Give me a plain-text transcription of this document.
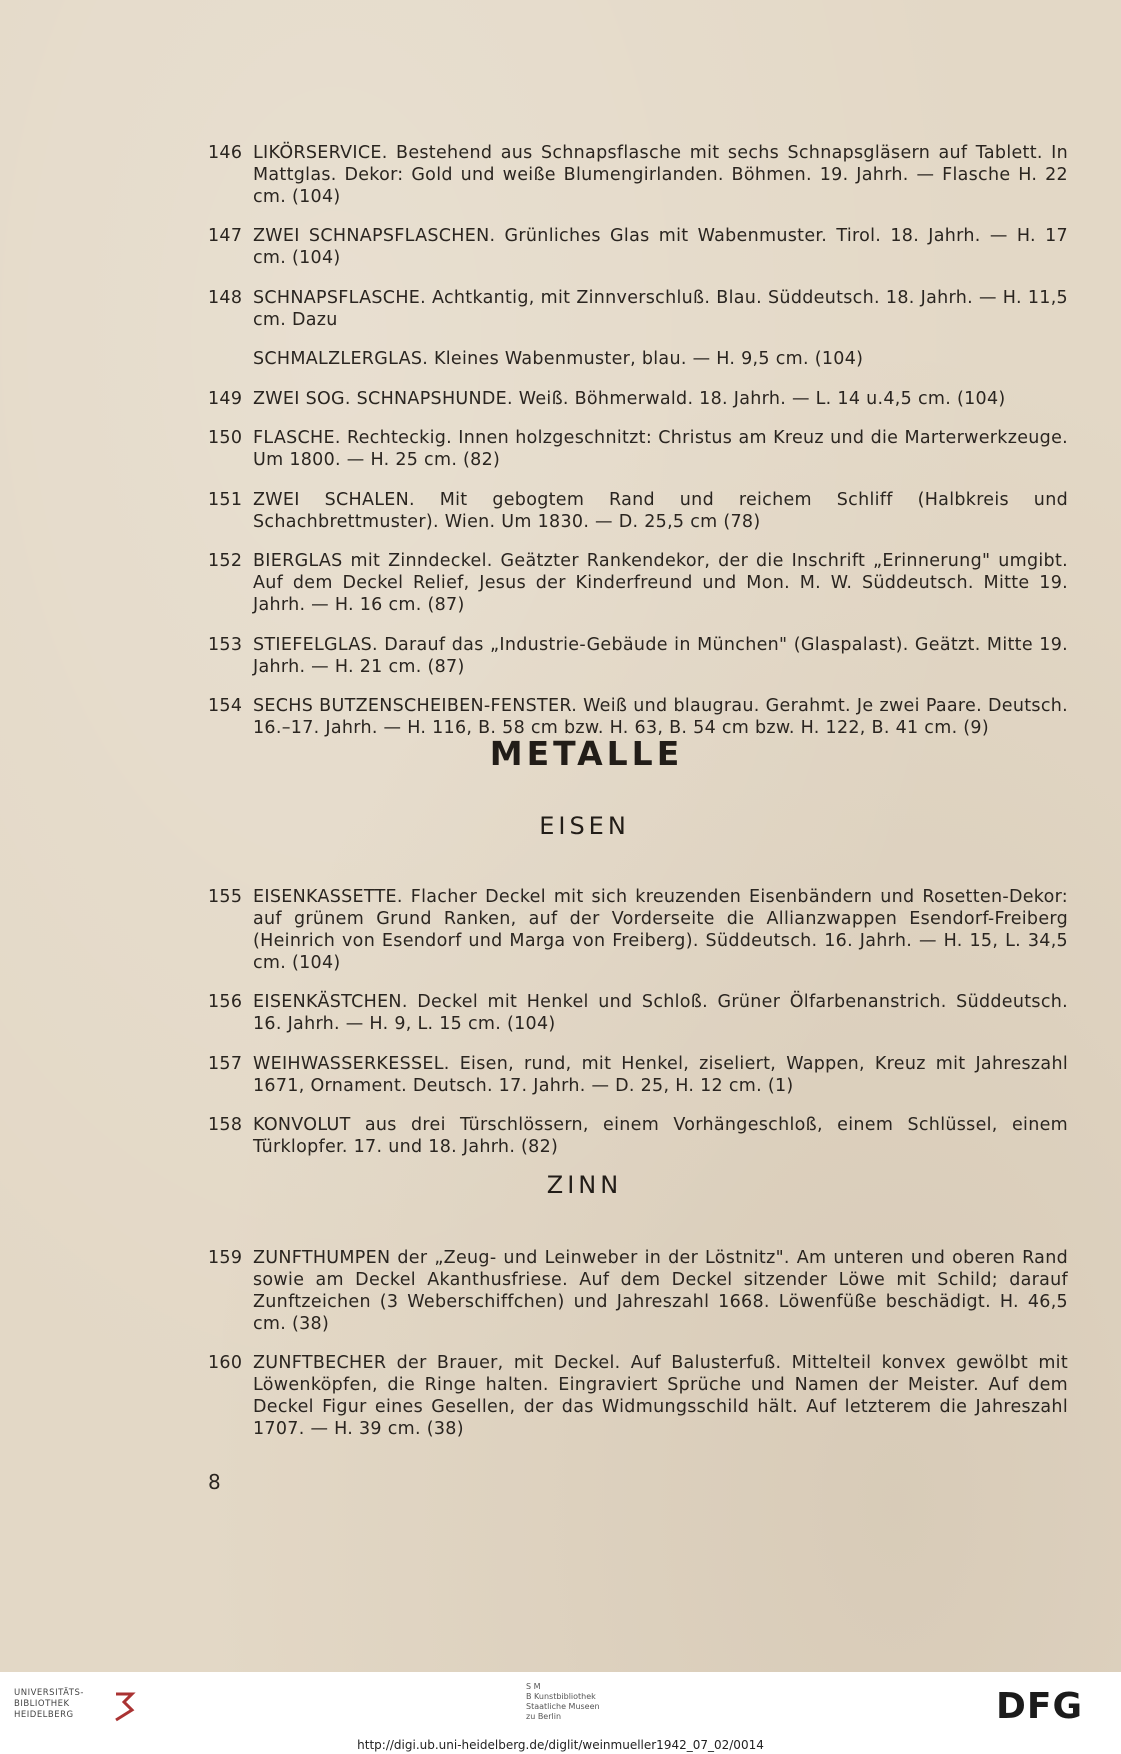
146 LIKÖRSERVICE. Bestehend aus Schnapsflasche mit sechs Schnapsgläsern auf Tablett. In Mattglas. Dekor: Gold und weiße Blumengirlanden. Böhmen. 19. Jahrh. — Flasche H. 22 cm. (104)

147 ZWEI SCHNAPSFLASCHEN. Grünliches Glas mit Wabenmuster. Tirol. 18. Jahrh. — H. 17 cm. (104)

148 SCHNAPSFLASCHE. Achtkantig, mit Zinnverschluß. Blau. Süddeutsch. 18. Jahrh. — H. 11,5 cm. Dazu

SCHMALZLERGLAS. Kleines Wabenmuster, blau. — H. 9,5 cm. (104)

149 ZWEI SOG. SCHNAPSHUNDE. Weiß. Böhmerwald. 18. Jahrh. — L. 14 u.4,5 cm. (104)

150 FLASCHE. Rechteckig. Innen holzgeschnitzt: Christus am Kreuz und die Marterwerkzeuge. Um 1800. — H. 25 cm. (82)

151 ZWEI SCHALEN. Mit gebogtem Rand und reichem Schliff (Halbkreis und Schachbrettmuster). Wien. Um 1830. — D. 25,5 cm (78)

152 BIERGLAS mit Zinndeckel. Geätzter Rankendekor, der die Inschrift „Erinnerung" umgibt. Auf dem Deckel Relief, Jesus der Kinderfreund und Mon. M. W. Süddeutsch. Mitte 19. Jahrh. — H. 16 cm. (87)

153 STIEFELGLAS. Darauf das „Industrie-Gebäude in München" (Glaspalast). Geätzt. Mitte 19. Jahrh. — H. 21 cm. (87)

154 SECHS BUTZENSCHEIBEN-FENSTER. Weiß und blaugrau. Gerahmt. Je zwei Paare. Deutsch. 16.–17. Jahrh. — H. 116, B. 58 cm bzw. H. 63, B. 54 cm bzw. H. 122, B. 41 cm. (9)

METALLE
EISEN
155 EISENKASSETTE. Flacher Deckel mit sich kreuzenden Eisenbändern und Rosetten-Dekor: auf grünem Grund Ranken, auf der Vorderseite die Allianzwappen Esendorf-Freiberg (Heinrich von Esendorf und Marga von Freiberg). Süddeutsch. 16. Jahrh. — H. 15, L. 34,5 cm. (104)

156 EISENKÄSTCHEN. Deckel mit Henkel und Schloß. Grüner Ölfarbenanstrich. Süddeutsch. 16. Jahrh. — H. 9, L. 15 cm. (104)

157 WEIHWASSERKESSEL. Eisen, rund, mit Henkel, ziseliert, Wappen, Kreuz mit Jahreszahl 1671, Ornament. Deutsch. 17. Jahrh. — D. 25, H. 12 cm. (1)

158 KONVOLUT aus drei Türschlössern, einem Vorhängeschloß, einem Schlüssel, einem Türklopfer. 17. und 18. Jahrh. (82)

ZINN
159 ZUNFTHUMPEN der „Zeug- und Leinweber in der Löstnitz". Am unteren und oberen Rand sowie am Deckel Akanthusfriese. Auf dem Deckel sitzender Löwe mit Schild; darauf Zunftzeichen (3 Weberschiffchen) und Jahreszahl 1668. Löwenfüße beschädigt. H. 46,5 cm. (38)

160 ZUNFTBECHER der Brauer, mit Deckel. Auf Balusterfuß. Mittelteil konvex gewölbt mit Löwenköpfen, die Ringe halten. Eingraviert Sprüche und Namen der Meister. Auf dem Deckel Figur eines Gesellen, der das Widmungsschild hält. Auf letzterem die Jahreszahl 1707. — H. 39 cm. (38)

8
UNIVERSITÄTS-
BIBLIOTHEK
HEIDELBERG
S M
B Kunstbibliothek
Staatliche Museen
zu Berlin	DFG
http://digi.ub.uni-heidelberg.de/diglit/weinmueller1942_07_02/0014
